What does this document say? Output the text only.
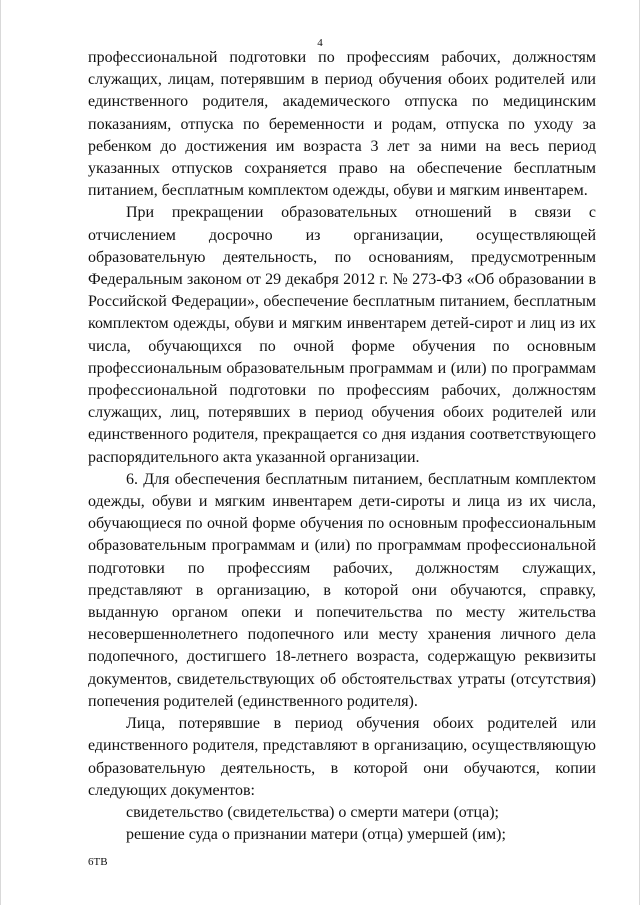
4

профессиональной подготовки по профессиям рабочих, должностям служащих, лицам, потерявшим в период обучения обоих родителей или единственного родителя, академического отпуска по медицинским показаниям, отпуска по беременности и родам, отпуска по уходу за ребенком до достижения им возраста 3 лет за ними на весь период указанных отпусков сохраняется право на обеспечение бесплатным питанием, бесплатным комплектом одежды, обуви и мягким инвентарем.

При прекращении образовательных отношений в связи с отчислением досрочно из организации, осуществляющей образовательную деятельность, по основаниям, предусмотренным Федеральным законом от 29 декабря 2012 г. № 273-ФЗ «Об образовании в Российской Федерации», обеспечение бесплатным питанием, бесплатным комплектом одежды, обуви и мягким инвентарем детей-сирот и лиц из их числа, обучающихся по очной форме обучения по основным профессиональным образовательным программам и (или) по программам профессиональной подготовки по профессиям рабочих, должностям служащих, лиц, потерявших в период обучения обоих родителей или единственного родителя, прекращается со дня издания соответствующего распорядительного акта указанной организации.

6. Для обеспечения бесплатным питанием, бесплатным комплектом одежды, обуви и мягким инвентарем дети-сироты и лица из их числа, обучающиеся по очной форме обучения по основным профессиональным образовательным программам и (или) по программам профессиональной подготовки по профессиям рабочих, должностям служащих, представляют в организацию, в которой они обучаются, справку, выданную органом опеки и попечительства по месту жительства несовершеннолетнего подопечного или месту хранения личного дела подопечного, достигшего 18-летнего возраста, содержащую реквизиты документов, свидетельствующих об обстоятельствах утраты (отсутствия) попечения родителей (единственного родителя).

Лица, потерявшие в период обучения обоих родителей или единственного родителя, представляют в организацию, осуществляющую образовательную деятельность, в которой они обучаются, копии следующих документов:

свидетельство (свидетельства) о смерти матери (отца);

решение суда о признании матери (отца) умершей (им);

6ТВ
